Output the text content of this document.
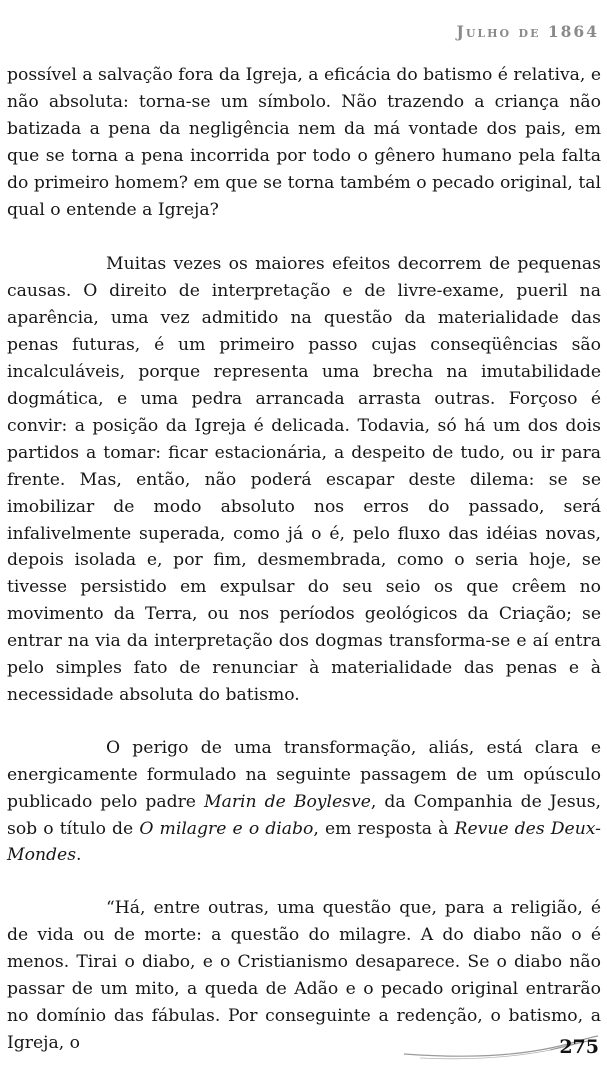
Julho de 1864

possível a salvação fora da Igreja, a eficácia do batismo é relativa, e não absoluta: torna-se um símbolo. Não trazendo a criança não batizada a pena da negligência nem da má vontade dos pais, em que se torna a pena incorrida por todo o gênero humano pela falta do primeiro homem? em que se torna também o pecado original, tal qual o entende a Igreja?

Muitas vezes os maiores efeitos decorrem de pequenas causas. O direito de interpretação e de livre-exame, pueril na aparência, uma vez admitido na questão da materialidade das penas futuras, é um primeiro passo cujas conseqüências são incalculáveis, porque representa uma brecha na imutabilidade dogmática, e uma pedra arrancada arrasta outras. Forçoso é convir: a posição da Igreja é delicada. Todavia, só há um dos dois partidos a tomar: ficar estacionária, a despeito de tudo, ou ir para frente. Mas, então, não poderá escapar deste dilema: se se imobilizar de modo absoluto nos erros do passado, será infalivelmente superada, como já o é, pelo fluxo das idéias novas, depois isolada e, por fim, desmembrada, como o seria hoje, se tivesse persistido em expulsar do seu seio os que crêem no movimento da Terra, ou nos períodos geológicos da Criação; se entrar na via da interpretação dos dogmas transforma-se e aí entra pelo simples fato de renunciar à materialidade das penas e à necessidade absoluta do batismo.

O perigo de uma transformação, aliás, está clara e energicamente formulado na seguinte passagem de um opúsculo publicado pelo padre Marin de Boylesve, da Companhia de Jesus, sob o título de O milagre e o diabo, em resposta à Revue des Deux-Mondes.

“Há, entre outras, uma questão que, para a religião, é de vida ou de morte: a questão do milagre. A do diabo não o é menos. Tirai o diabo, e o Cristianismo desaparece. Se o diabo não passar de um mito, a queda de Adão e o pecado original entrarão no domínio das fábulas. Por conseguinte a redenção, o batismo, a Igreja, o	275
